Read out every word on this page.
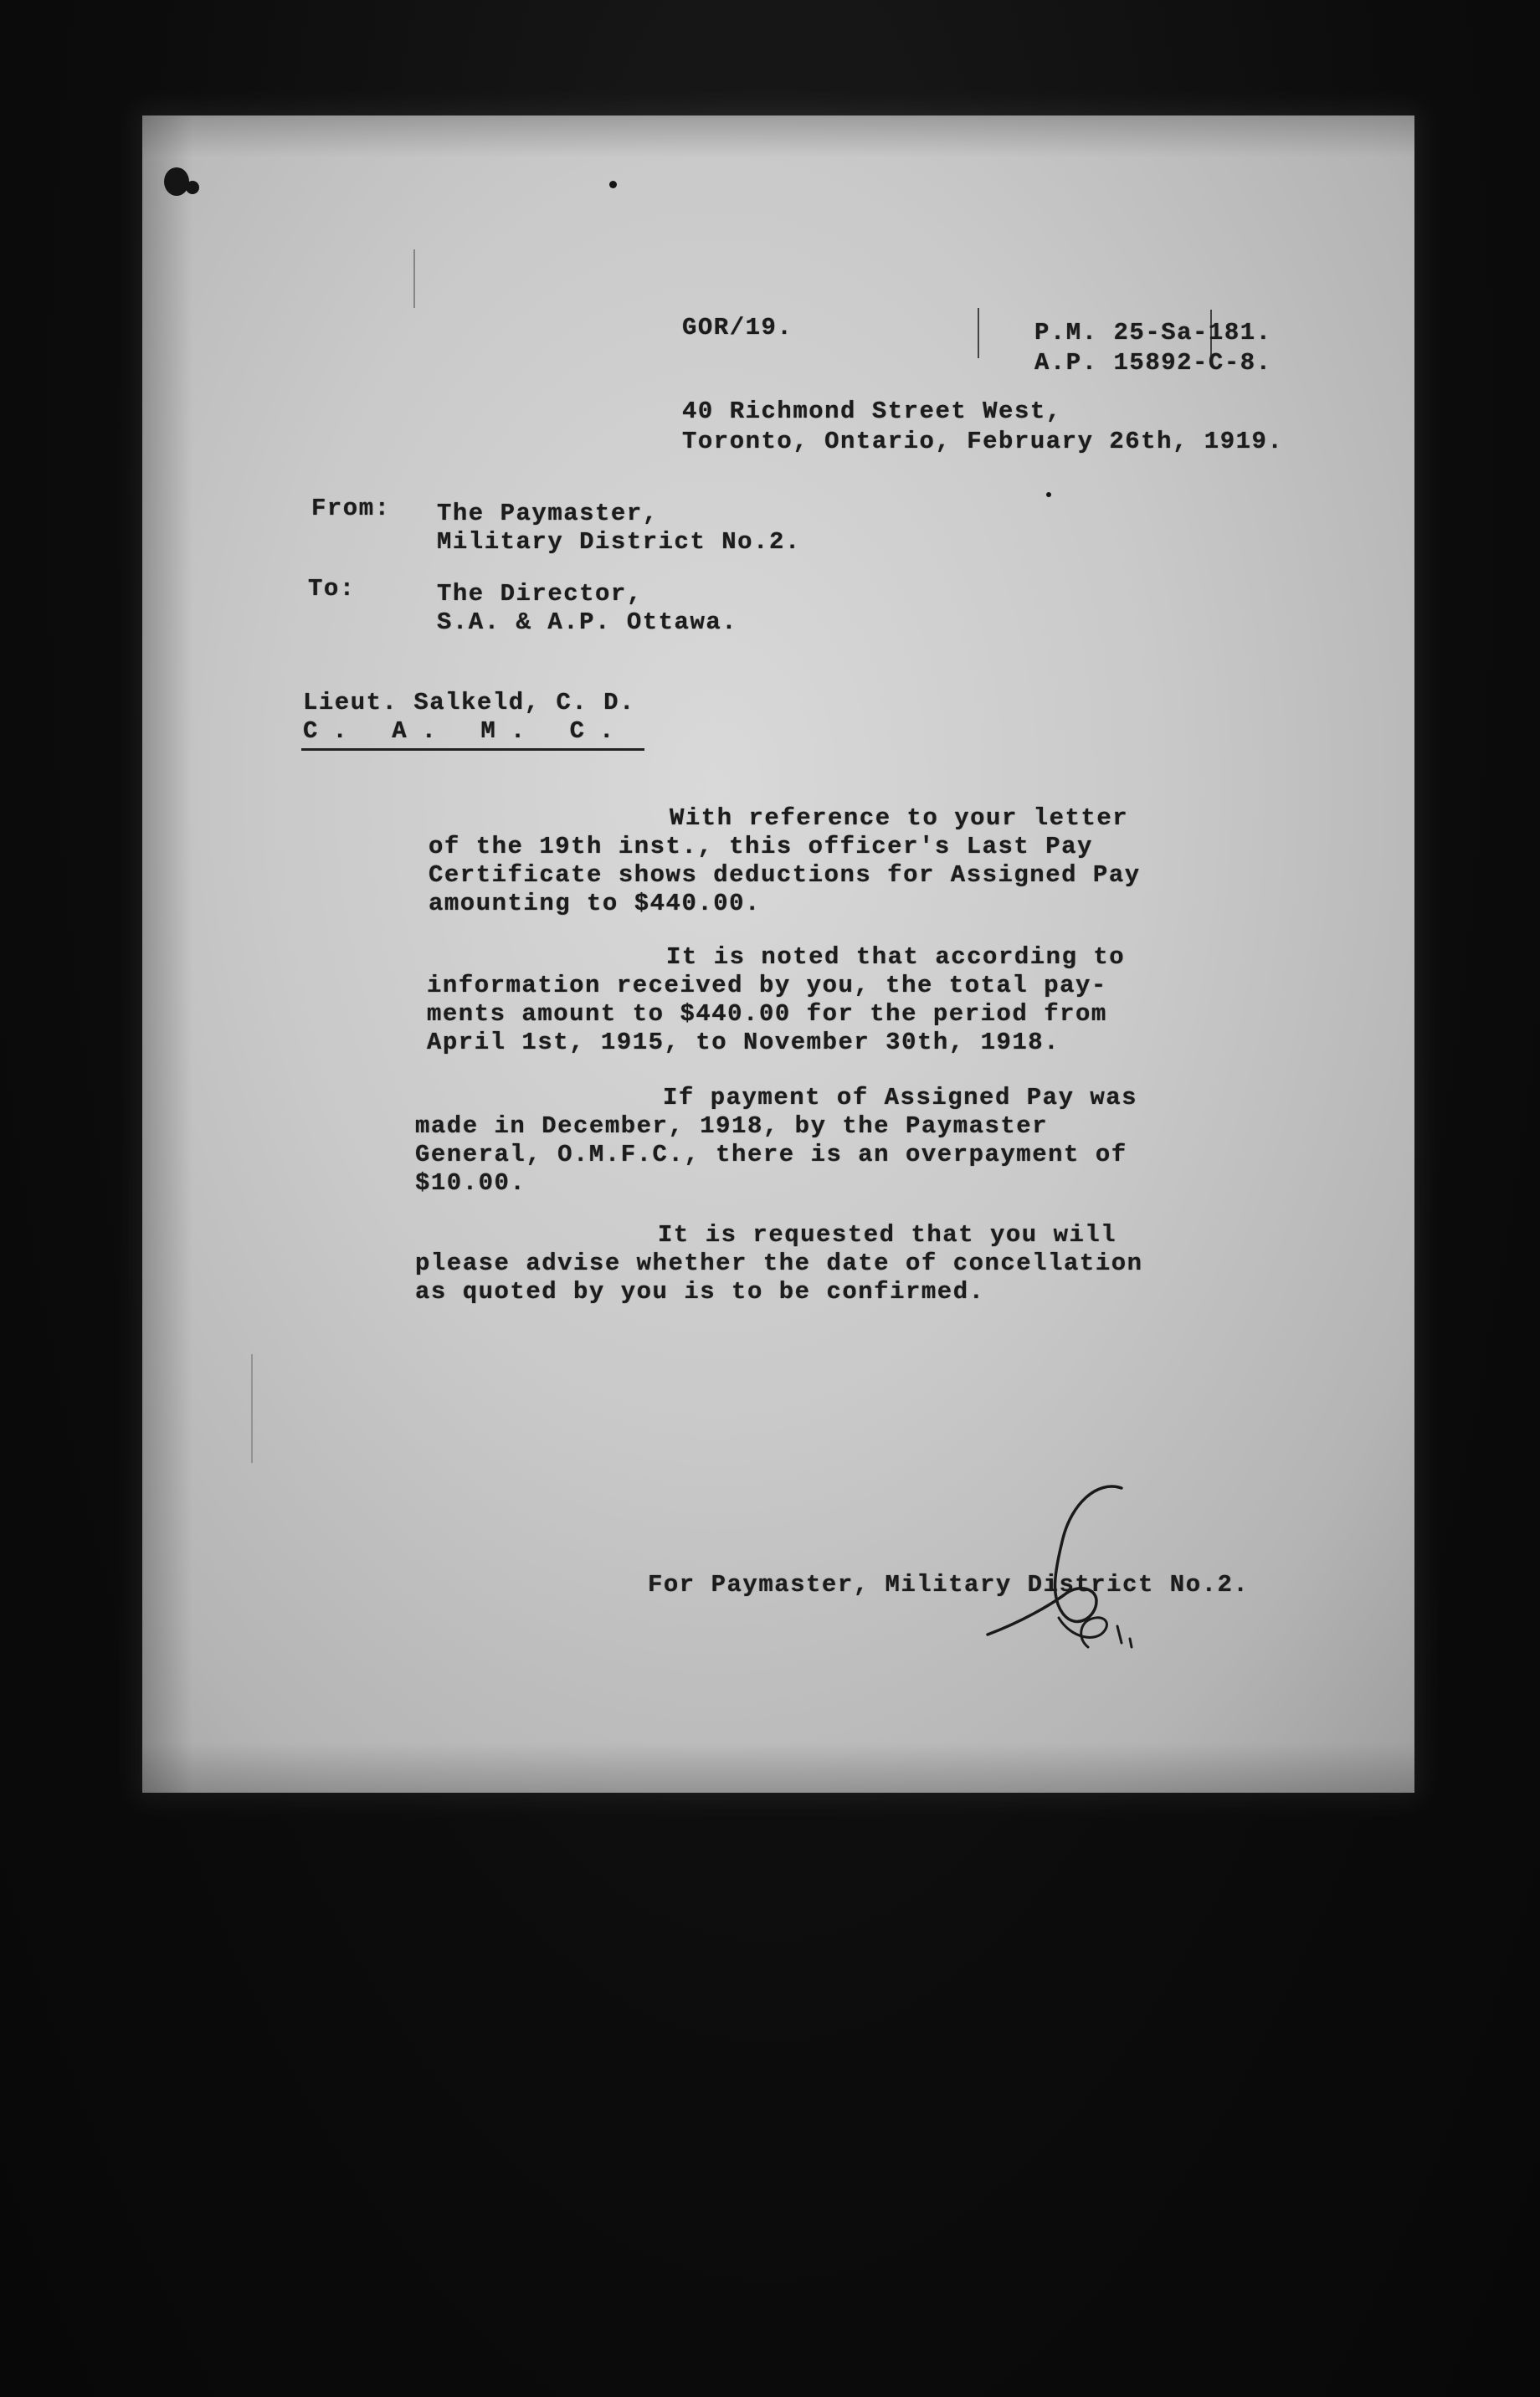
GOR/19.	P.M. 25-Sa-181.
A.P. 15892-C-8.
40 Richmond Street West,
Toronto, Ontario, February 26th, 1919.
From: The Paymaster,
Military District No.2.
To:	The Director,
S.A. & A.P. Ottawa.
Lieut. Salkeld, C. D.
C. A. M. C.
With reference to your letter
of the 19th inst., this officer's Last Pay
Certificate shows deductions for Assigned Pay
amounting to $440.00.
It is noted that according to
information received by you, the total pay-
ments amount to $440.00 for the period from
April 1st, 1915, to November 30th, 1918.
If payment of Assigned Pay was
made in December, 1918, by the Paymaster
General, O.M.F.C., there is an overpayment of
$10.00.
It is requested that you will
please advise whether the date of concellation
as quoted by you is to be confirmed.
For Paymaster, Military District No.2.
